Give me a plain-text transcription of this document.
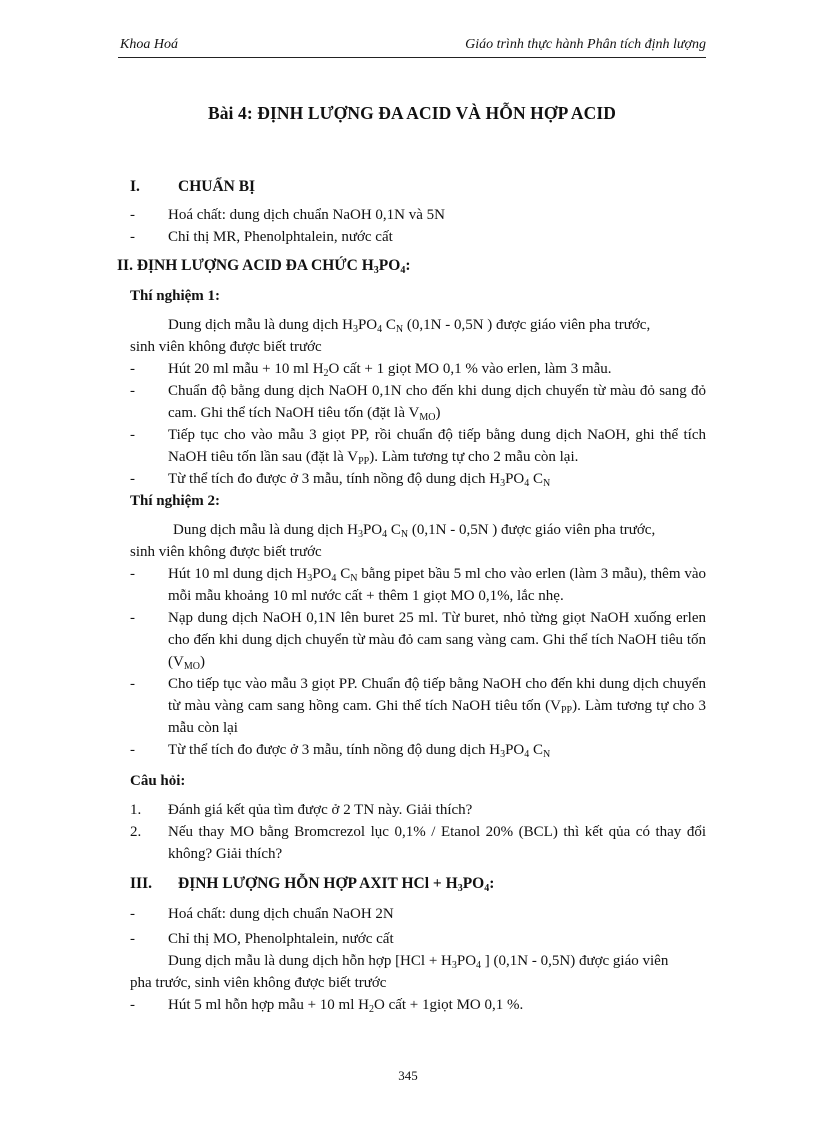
Khoa Hoá	Giáo trình thực hành Phân tích định lượng
Bài 4: ĐỊNH LƯỢNG ĐA ACID VÀ HỖN HỢP ACID

I. CHUẨN BỊ

- Hoá chất: dung dịch chuẩn NaOH 0,1N và 5N
- Chỉ thị MR, Phenolphtalein, nước cất

II. ĐỊNH LƯỢNG ACID ĐA CHỨC $H_3PO_4$:

Thí nghiệm 1:

Dung dịch mẫu là dung dịch $H_3PO_4$ $C_N$ (0,1N - 0,5N ) được giáo viên pha trước,

sinh viên không được biết trước

- Hút 20 ml mẫu + 10 ml $H_2O$ cất + 1 giọt MO 0,1 % vào erlen, làm 3 mẫu.
- Chuẩn độ bằng dung dịch NaOH 0,1N cho đến khi dung dịch chuyển từ màu đỏ sang đỏ cam. Ghi thể tích NaOH tiêu tốn (đặt là $V_{MO}$)
- Tiếp tục cho vào mẫu 3 giọt PP, rồi chuẩn độ tiếp bằng dung dịch NaOH, ghi thể tích NaOH tiêu tốn lần sau (đặt là $V_{PP}$). Làm tương tự cho 2 mẫu còn lại.
- Từ thể tích đo được ở 3 mẫu, tính nồng độ dung dịch $H_3PO_4$ $C_N$

Thí nghiệm 2:

Dung dịch mẫu là dung dịch $H_3PO_4$ $C_N$ (0,1N - 0,5N ) được giáo viên pha trước,

sinh viên không được biết trước

- Hút 10 ml dung dịch $H_3PO_4$ $C_N$ bằng pipet bầu 5 ml cho vào erlen (làm 3 mẫu), thêm vào mỗi mẫu khoảng 10 ml nước cất + thêm 1 giọt MO 0,1%, lắc nhẹ.
- Nạp dung dịch NaOH 0,1N lên buret 25 ml. Từ buret, nhỏ từng giọt NaOH xuống erlen cho đến khi dung dịch chuyển từ màu đỏ cam sang vàng cam. Ghi thể tích NaOH tiêu tốn $(V_{MO})$
- Cho tiếp tục vào mẫu 3 giọt PP. Chuẩn độ tiếp bằng NaOH cho đến khi dung dịch chuyển từ màu vàng cam sang hồng cam. Ghi thể tích NaOH tiêu tốn $(V_{PP})$. Làm tương tự cho 3 mẫu còn lại
- Từ thể tích đo được ở 3 mẫu, tính nồng độ dung dịch $H_3PO_4$ $C_N$

Câu hỏi:

1. Đánh giá kết qủa tìm được ở 2 TN này. Giải thích?
2. Nếu thay MO bằng Bromcrezol lục 0,1% / Etanol 20% (BCL) thì kết qủa có thay đổi không? Giải thích?

III. ĐỊNH LƯỢNG HỖN HỢP AXIT HCl + $H_3PO_4$:

- Hoá chất: dung dịch chuẩn NaOH 2N
- Chỉ thị MO, Phenolphtalein, nước cất

Dung dịch mẫu là dung dịch hỗn hợp [$HCl + H_3PO_4$ ] (0,1N - 0,5N) được giáo viên

pha trước, sinh viên không được biết trước

- Hút 5 ml hỗn hợp mẫu + 10 ml $H_2O$ cất + 1giọt MO 0,1 %.
345
